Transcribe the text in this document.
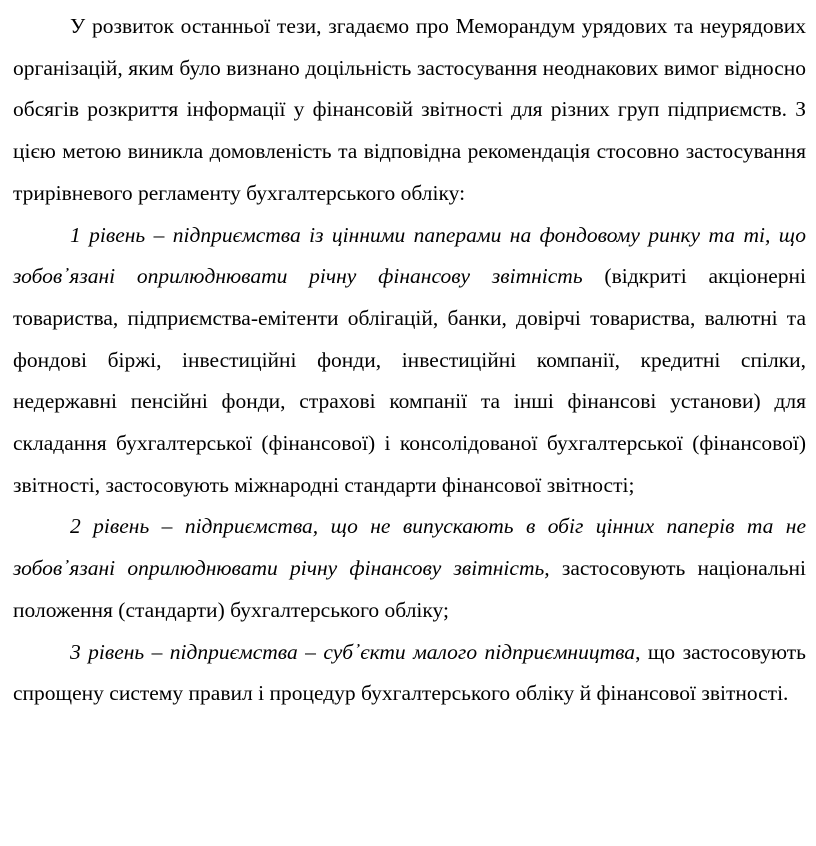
У розвиток останньої тези, згадаємо про Меморандум урядових та неурядових організацій, яким було визнано доцільність застосування неоднакових вимог відносно обсягів розкриття інформації у фінансовій звітності для різних груп підприємств. З цією метою виникла домовленість та відповідна рекомендація стосовно застосування трирівневого регламенту бухгалтерського обліку:

1 рівень – підприємства із цінними паперами на фондовому ринку та ті, що зобов᾽язані оприлюднювати річну фінансову звітність (відкриті акціонерні товариства, підприємства-емітенти облігацій, банки, довірчі товариства, валютні та фондові біржі, інвестиційні фонди, інвестиційні компанії, кредитні спілки, недержавні пенсійні фонди, страхові компанії та інші фінансові установи) для складання бухгалтерської (фінансової) і консолідованої бухгалтерської (фінансової) звітності, застосовують міжнародні стандарти фінансової звітності;

2 рівень – підприємства, що не випускають в обіг цінних паперів та не зобов᾽язані оприлюднювати річну фінансову звітність, застосовують національні положення (стандарти) бухгалтерського обліку;

3 рівень – підприємства – суб᾽єкти малого підприємництва, що застосовують спрощену систему правил і процедур бухгалтерського обліку й фінансової звітності.
